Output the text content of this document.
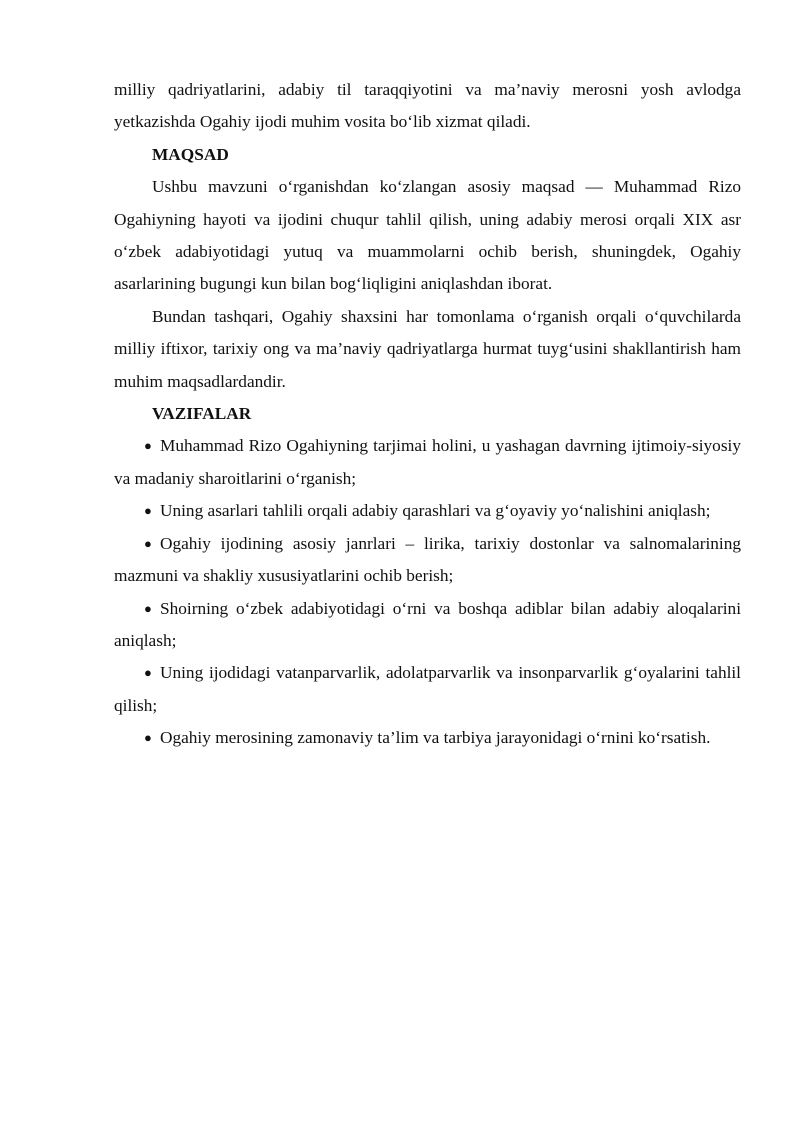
milliy qadriyatlarini, adabiy til taraqqiyotini va ma’naviy merosni yosh avlodga yetkazishda Ogahiy ijodi muhim vosita bo‘lib xizmat qiladi.

MAQSAD

Ushbu mavzuni o‘rganishdan ko‘zlangan asosiy maqsad — Muhammad Rizo Ogahiyning hayoti va ijodini chuqur tahlil qilish, uning adabiy merosi orqali XIX asr o‘zbek adabiyotidagi yutuq va muammolarni ochib berish, shuningdek, Ogahiy asarlarining bugungi kun bilan bog‘liqligini aniqlashdan iborat.

Bundan tashqari, Ogahiy shaxsini har tomonlama o‘rganish orqali o‘quvchilarda milliy iftixor, tarixiy ong va ma’naviy qadriyatlarga hurmat tuyg‘usini shakllantirish ham muhim maqsadlardandir.

VAZIFALAR

● Muhammad Rizo Ogahiyning tarjimai holini, u yashagan davrning ijtimoiy-siyosiy va madaniy sharoitlarini o‘rganish;
● Uning asarlari tahlili orqali adabiy qarashlari va g‘oyaviy yo‘nalishini aniqlash;
● Ogahiy ijodining asosiy janrlari – lirika, tarixiy dostonlar va salnomalarining mazmuni va shakliy xususiyatlarini ochib berish;
● Shoirning o‘zbek adabiyotidagi o‘rni va boshqa adiblar bilan adabiy aloqalarini aniqlash;
● Uning ijodidagi vatanparvarlik, adolatparvarlik va insonparvarlik g‘oyalarini tahlil qilish;
● Ogahiy merosining zamonaviy ta’lim va tarbiya jarayonidagi o‘rnini ko‘rsatish.
